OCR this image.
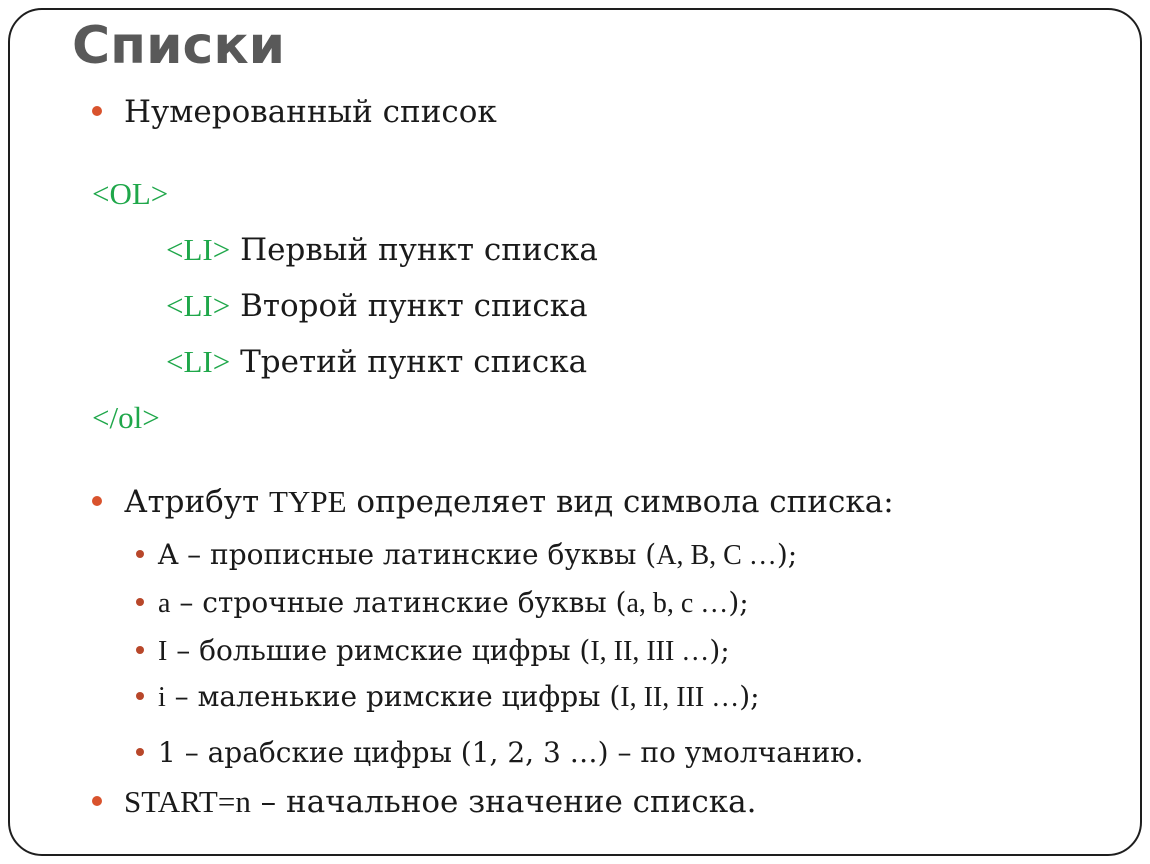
Списки
Нумерованный список
<OL>
<LI> Первый пункт списка
<LI> Второй пункт списка
<LI> Третий пункт списка
</ol>
Атрибут TYPE определяет вид символа списка:
A – прописные латинские буквы (A, B, C …);
a – строчные латинские буквы (a, b, c …);
I – большие римские цифры (I, II, III …);
i – маленькие римские цифры (I, II, III …);
1 – арабские цифры (1, 2, 3 …) – по умолчанию.
START=n – начальное значение списка.
